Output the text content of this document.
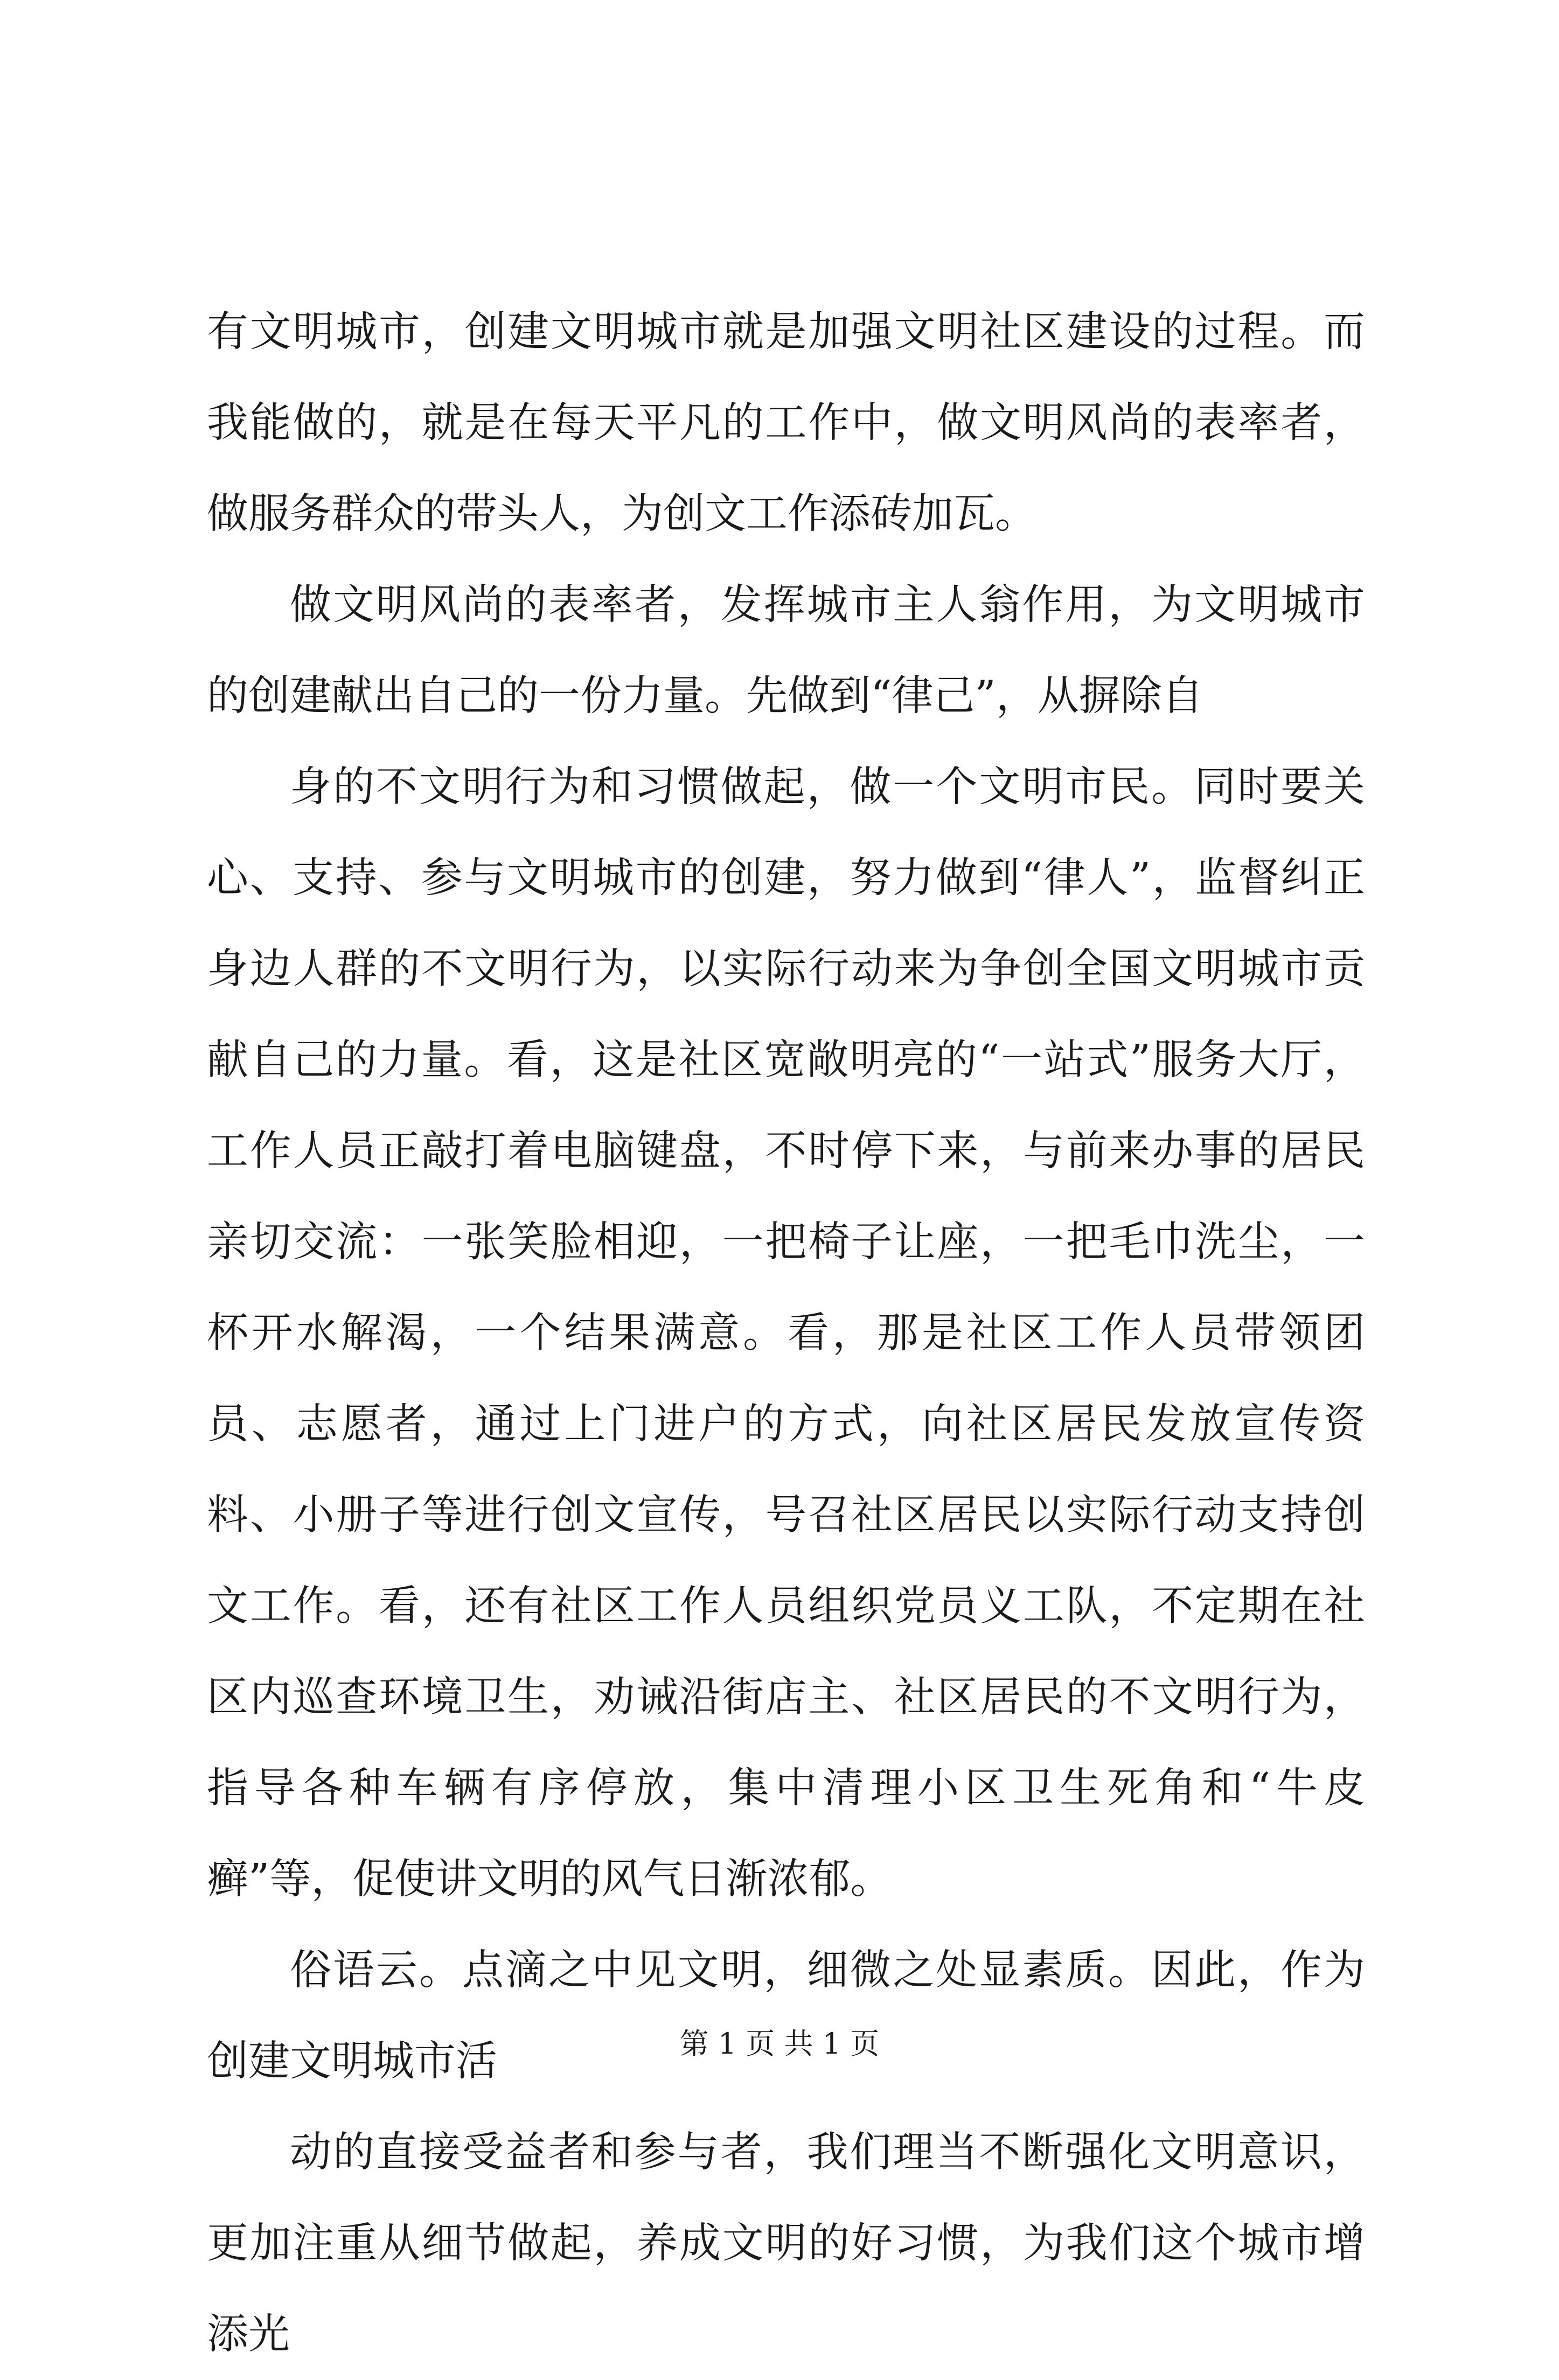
有文明城市，创建文明城市就是加强文明社区建设的过程。而我能做的，就是在每天平凡的工作中，做文明风尚的表率者，做服务群众的带头人，为创文工作添砖加瓦。

做文明风尚的表率者，发挥城市主人翁作用，为文明城市的创建献出自己的一份力量。先做到“律己”，从摒除自

身的不文明行为和习惯做起，做一个文明市民。同时要关心、支持、参与文明城市的创建，努力做到“律人”，监督纠正身边人群的不文明行为，以实际行动来为争创全国文明城市贡献自己的力量。看，这是社区宽敞明亮的“一站式”服务大厅，工作人员正敲打着电脑键盘，不时停下来，与前来办事的居民亲切交流：一张笑脸相迎，一把椅子让座，一把毛巾洗尘，一杯开水解渴，一个结果满意。看，那是社区工作人员带领团员、志愿者，通过上门进户的方式，向社区居民发放宣传资料、小册子等进行创文宣传，号召社区居民以实际行动支持创文工作。看，还有社区工作人员组织党员义工队，不定期在社区内巡查环境卫生，劝诫沿街店主、社区居民的不文明行为，指导各种车辆有序停放，集中清理小区卫生死角和“牛皮癣”等，促使讲文明的风气日渐浓郁。

俗语云。点滴之中见文明，细微之处显素质。因此，作为创建文明城市活

动的直接受益者和参与者，我们理当不断强化文明意识，更加注重从细节做起，养成文明的好习惯，为我们这个城市增添光

第 1 页 共 1 页
